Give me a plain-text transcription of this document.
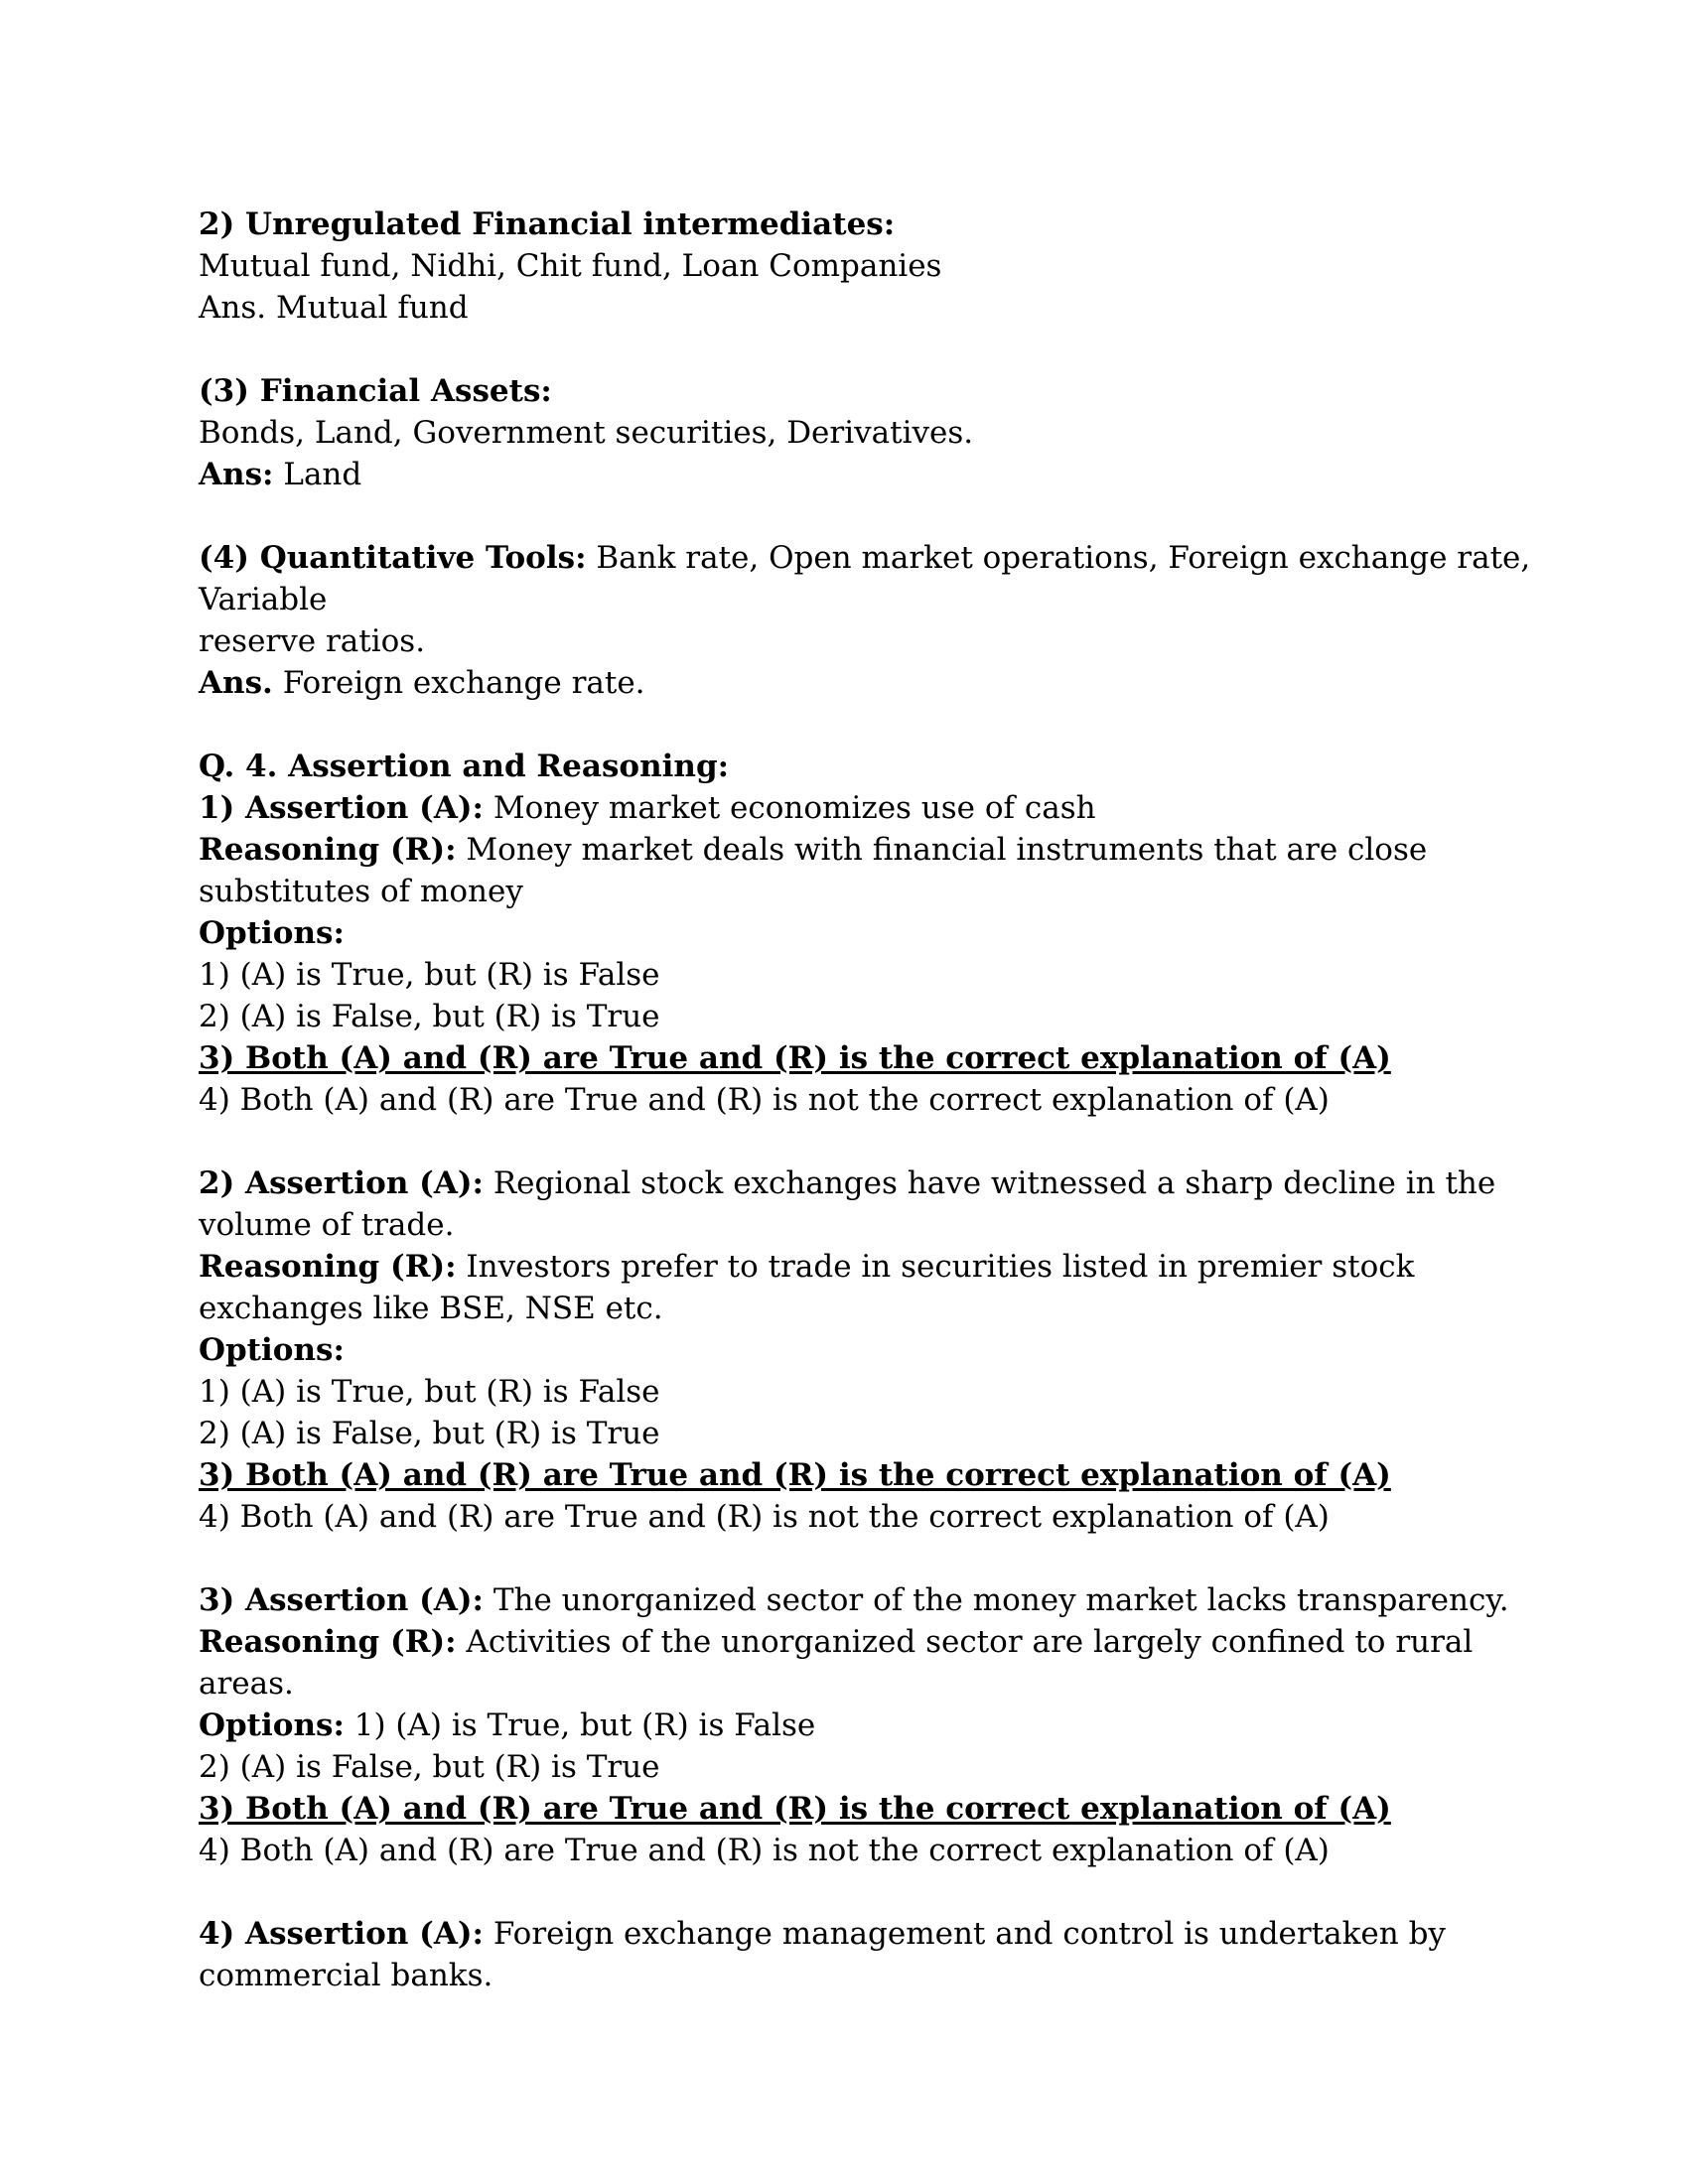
2) Unregulated Financial intermediates:
Mutual fund, Nidhi, Chit fund, Loan Companies
Ans. Mutual fund
(3) Financial Assets:
Bonds, Land, Government securities, Derivatives.
Ans: Land
(4) Quantitative Tools: Bank rate, Open market operations, Foreign exchange rate,
Variable
reserve ratios.
Ans. Foreign exchange rate.
Q. 4. Assertion and Reasoning:
1) Assertion (A): Money market economizes use of cash
Reasoning (R): Money market deals with financial instruments that are close
substitutes of money
Options:
1) (A) is True, but (R) is False
2) (A) is False, but (R) is True
3) Both (A) and (R) are True and (R) is the correct explanation of (A)
4) Both (A) and (R) are True and (R) is not the correct explanation of (A)
2) Assertion (A): Regional stock exchanges have witnessed a sharp decline in the
volume of trade.
Reasoning (R): Investors prefer to trade in securities listed in premier stock
exchanges like BSE, NSE etc.
Options:
1) (A) is True, but (R) is False
2) (A) is False, but (R) is True
3) Both (A) and (R) are True and (R) is the correct explanation of (A)
4) Both (A) and (R) are True and (R) is not the correct explanation of (A)
3) Assertion (A): The unorganized sector of the money market lacks transparency.
Reasoning (R): Activities of the unorganized sector are largely confined to rural
areas.
Options: 1) (A) is True, but (R) is False
2) (A) is False, but (R) is True
3) Both (A) and (R) are True and (R) is the correct explanation of (A)
4) Both (A) and (R) are True and (R) is not the correct explanation of (A)
4) Assertion (A): Foreign exchange management and control is undertaken by
commercial banks.
